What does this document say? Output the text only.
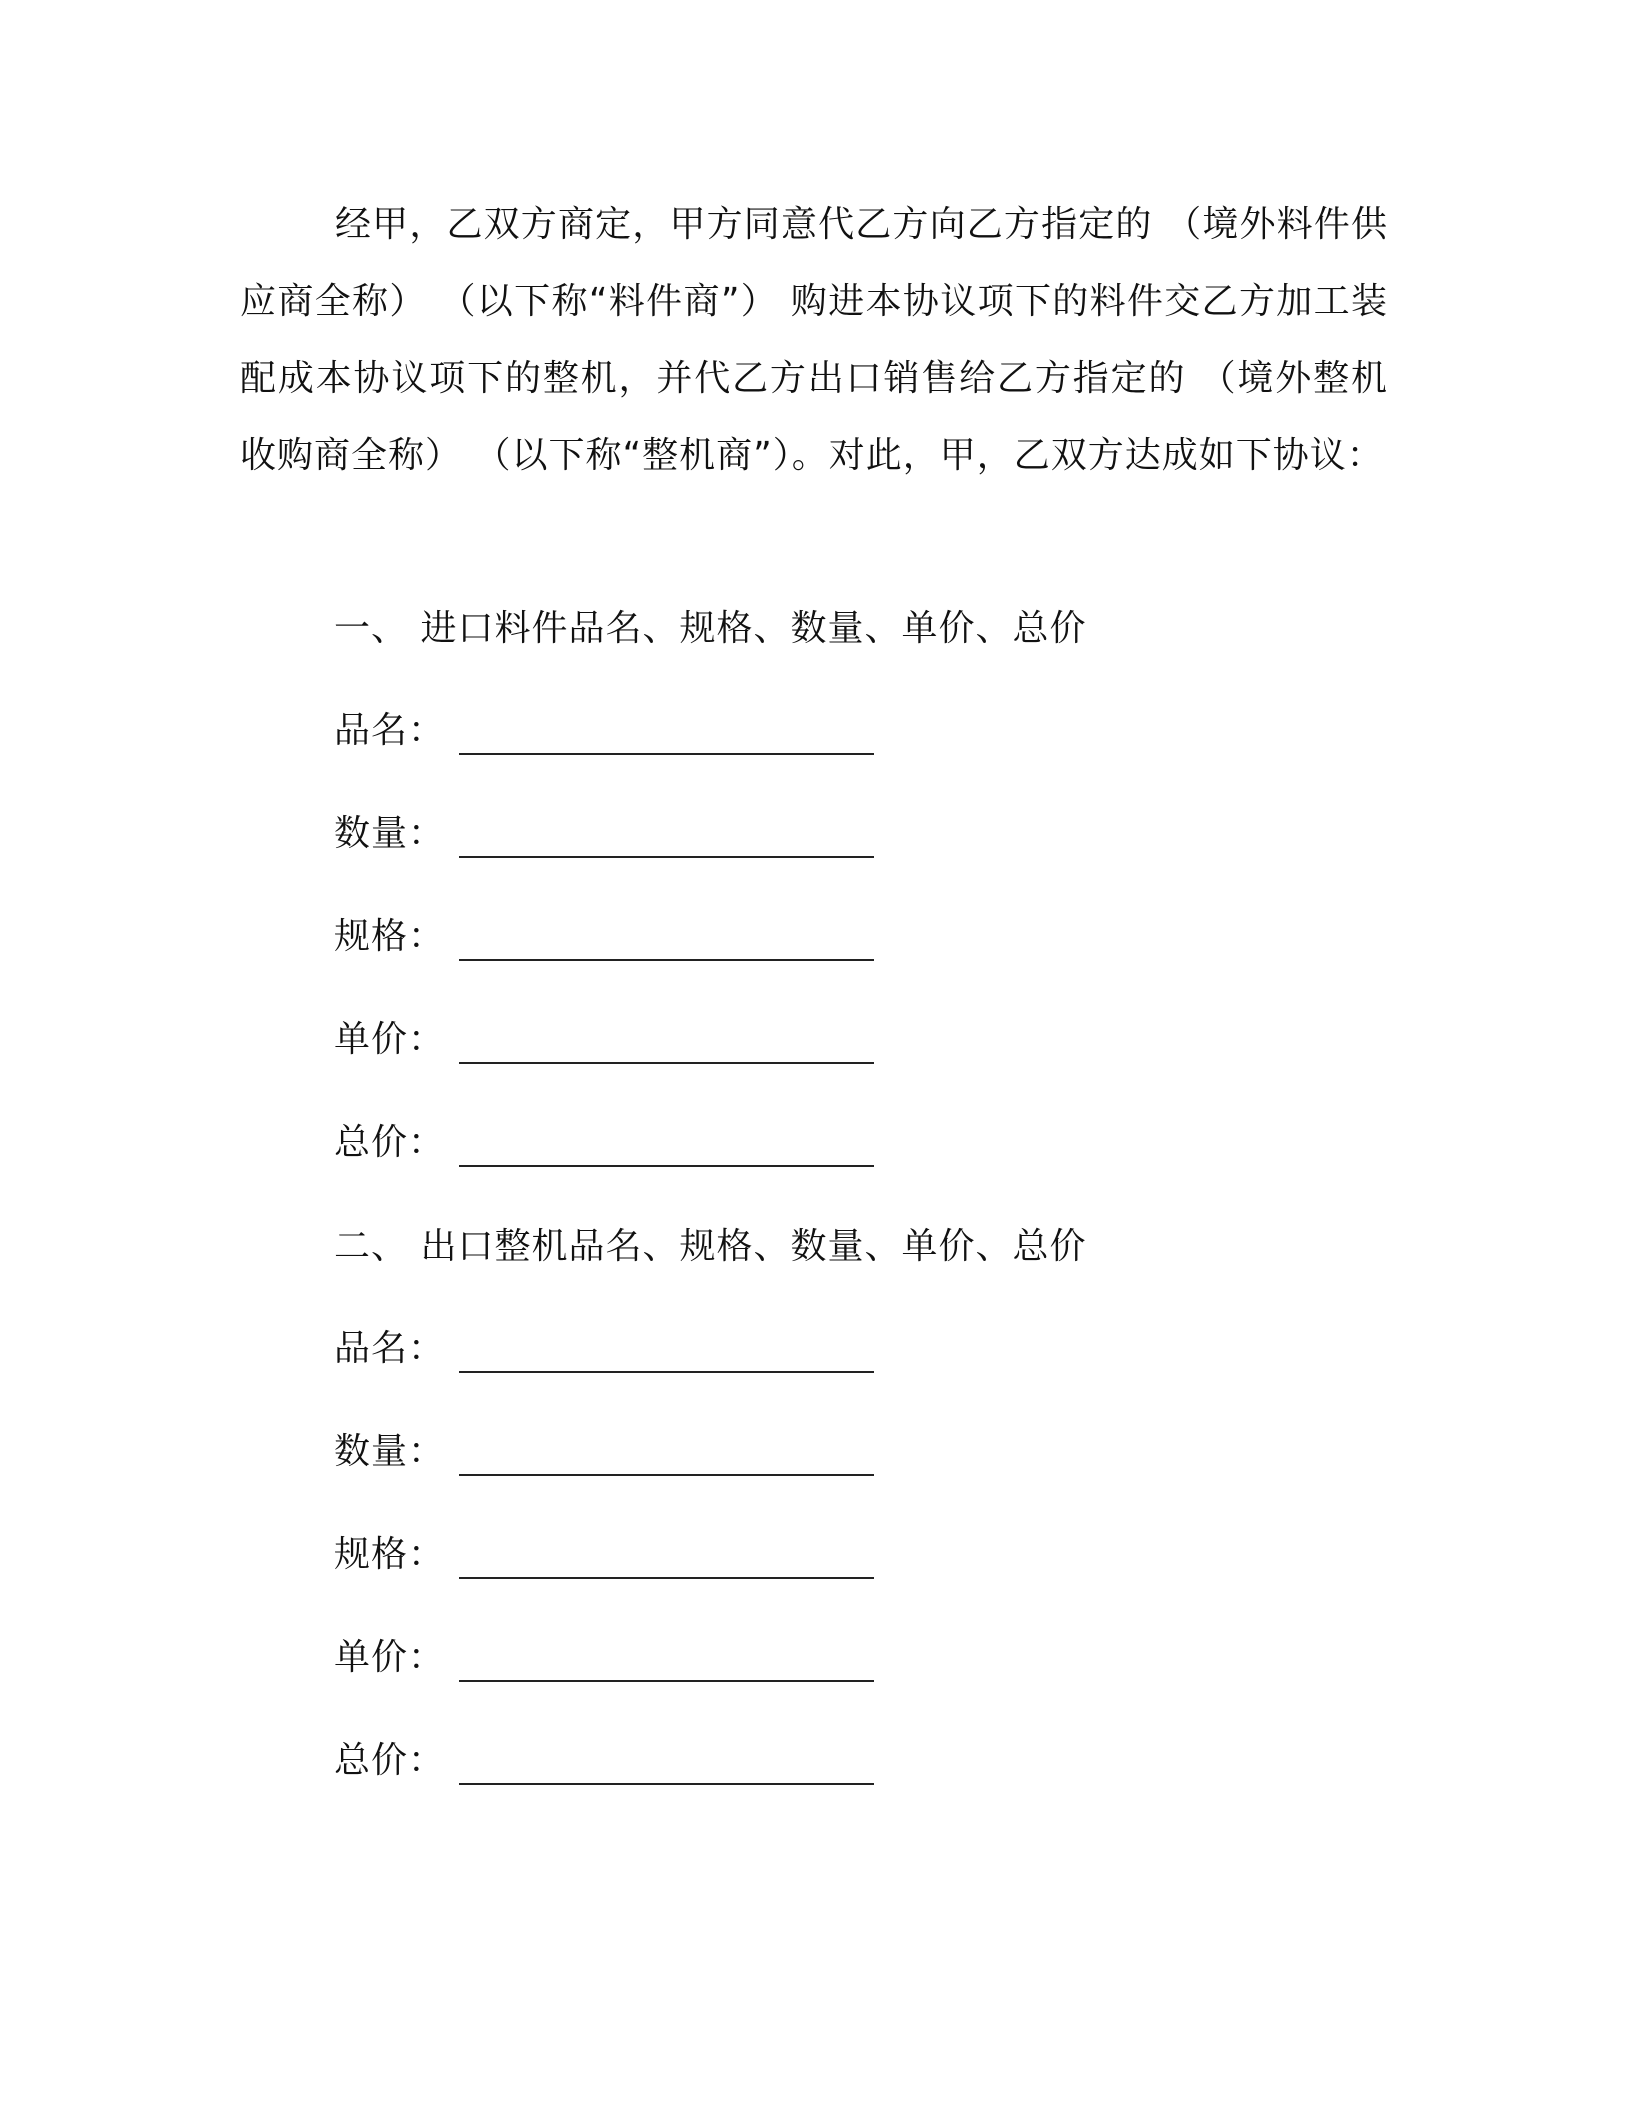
经甲，乙双方商定，甲方同意代乙方向乙方指定的 （境外料件供应商全称） （以下称“料件商”） 购进本协议项下的料件交乙方加工装配成本协议项下的整机，并代乙方出口销售给乙方指定的 （境外整机收购商全称） （以下称“整机商”）。对此，甲，乙双方达成如下协议：

一、 进口料件品名、规格、数量、单价、总价
品名：
数量：
规格：
单价：
总价：
二、 出口整机品名、规格、数量、单价、总价
品名：
数量：
规格：
单价：
总价：
